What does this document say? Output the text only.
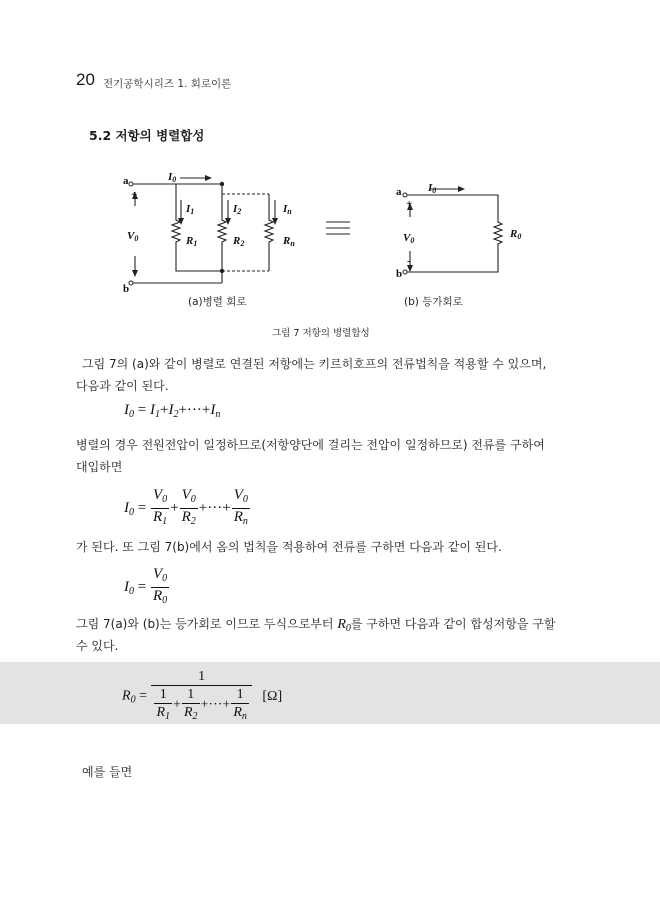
20 전기공학시리즈 1. 회로이론
5.2 저항의 병렬합성
a
b
I0
+
V0
-
I1	I2	In
R1	R2	Rn
a
b
I0
+
V0
-
R0
(a)병렬 회로	(b) 등가회로
그림 7 저항의 병렬합성
그림 7의 (a)와 같이 병렬로 연결된 저항에는 키르히호프의 전류법칙을 적용할 수 있으며,
다음과 같이 된다.
$I_0 = I_1+I_2+\cdot\cdot\cdot+I_n$
병렬의 경우 전원전압이 일정하므로(저항양단에 걸리는 전압이 일정하므로) 전류를 구하여
대입하면
$I_0 = \frac{V_0}{R_1} + \frac{V_0}{R_2}$ +···+ $\frac{V_0}{R_n}$
가 된다. 또 그림 7(b)에서 옴의 법칙을 적용하여 전류를 구하면 다음과 같이 된다.
$I_0 = \frac{V_0}{R_0}$
그림 7(a)와 (b)는 등가회로 이므로 두식으로부터 $R_0$를 구하면 다음과 같이 합성저항을 구할
수 있다.
$R_0 = \frac{1}{\frac{1}{R_1} + \frac{1}{R_2} +\cdot\cdot\cdot+ \frac{1}{R_n}} [\Omega]$
예를 들면
